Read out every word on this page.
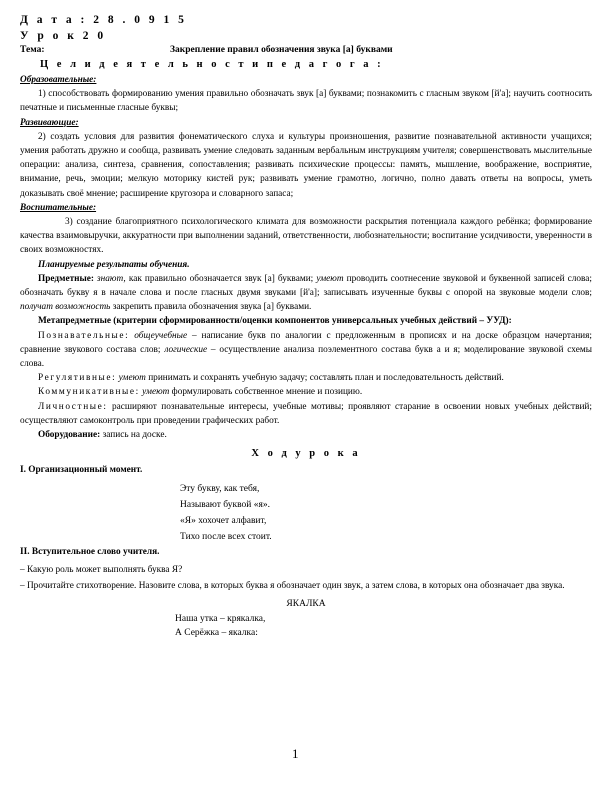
Д а т а : 2 8 . 0 9 1 5

У р о к 2 0

Тема:	Закрепление правил обозначения звука [а] буквами

Ц е л и д е я т е л ь н о с т и п е д а г о г а :

Образовательные:

1) способствовать формированию умения правильно обозначать звук [а] буквами; познакомить с гласным звуком [й'а]; научить соотносить печатные и письменные гласные буквы;

Развивающие:

2) создать условия для развития фонематического слуха и культуры произношения, развитие познавательной активности учащихся; умения работать дружно и сообща, развивать умение следовать заданным вербальным инструкциям учителя; совершенствовать мыслительные операции: анализа, синтеза, сравнения, сопоставления; развивать психические процессы: память, мышление, воображение, восприятие, внимание, речь, эмоции; мелкую моторику кистей рук; развивать умение грамотно, логично, полно давать ответы на вопросы, уметь доказывать своё мнение; расширение кругозора и словарного запаса;

Воспитательные:

3) создание благоприятного психологического климата для возможности раскрытия потенциала каждого ребёнка; формирование качества взаимовыручки, аккуратности при выполнении заданий, ответственности, любознательности; воспитание усидчивости, уверенности в своих возможностях.

Планируемые результаты обучения.

Предметные: знают, как правильно обозначается звук [а] буквами; умеют проводить соотнесение звуковой и буквенной записей слова; обозначать букву я в начале слова и после гласных двумя звуками [й'а]; записывать изученные буквы с опорой на звуковые модели слов; получат возможность закрепить правила обозначения звука [а] буквами.

Метапредметные (критерии сформированности/оценки компонентов универсальных учебных действий – УУД):

Познавательные: общеучебные – написание букв по аналогии с предложенным в прописях и на доске образцом начертания; сравнение звукового состава слов; логические – осуществление анализа поэлементного состава букв а и я; моделирование звуковой схемы слова.

Регулятивные: умеют принимать и сохранять учебную задачу; составлять план и последовательность действий.

Коммуникативные: умеют формулировать собственное мнение и позицию.

Личностные: расширяют познавательные интересы, учебные мотивы; проявляют старание в освоении новых учебных действий; осуществляют самоконтроль при проведении графических работ.

Оборудование: запись на доске.

Х о д у р о к а

I. Организационный момент.

Эту букву, как тебя,

Называют буквой «я».

«Я» хохочет алфавит,

Тихо после всех стоит.

II. Вступительное слово учителя.

– Какую роль может выполнять буква Я?

– Прочитайте стихотворение. Назовите слова, в которых буква я обозначает один звук, а затем слова, в которых она обозначает два звука.

ЯКАЛКА

Наша утка – крякалка,

А Серёжка – якалка:

1
